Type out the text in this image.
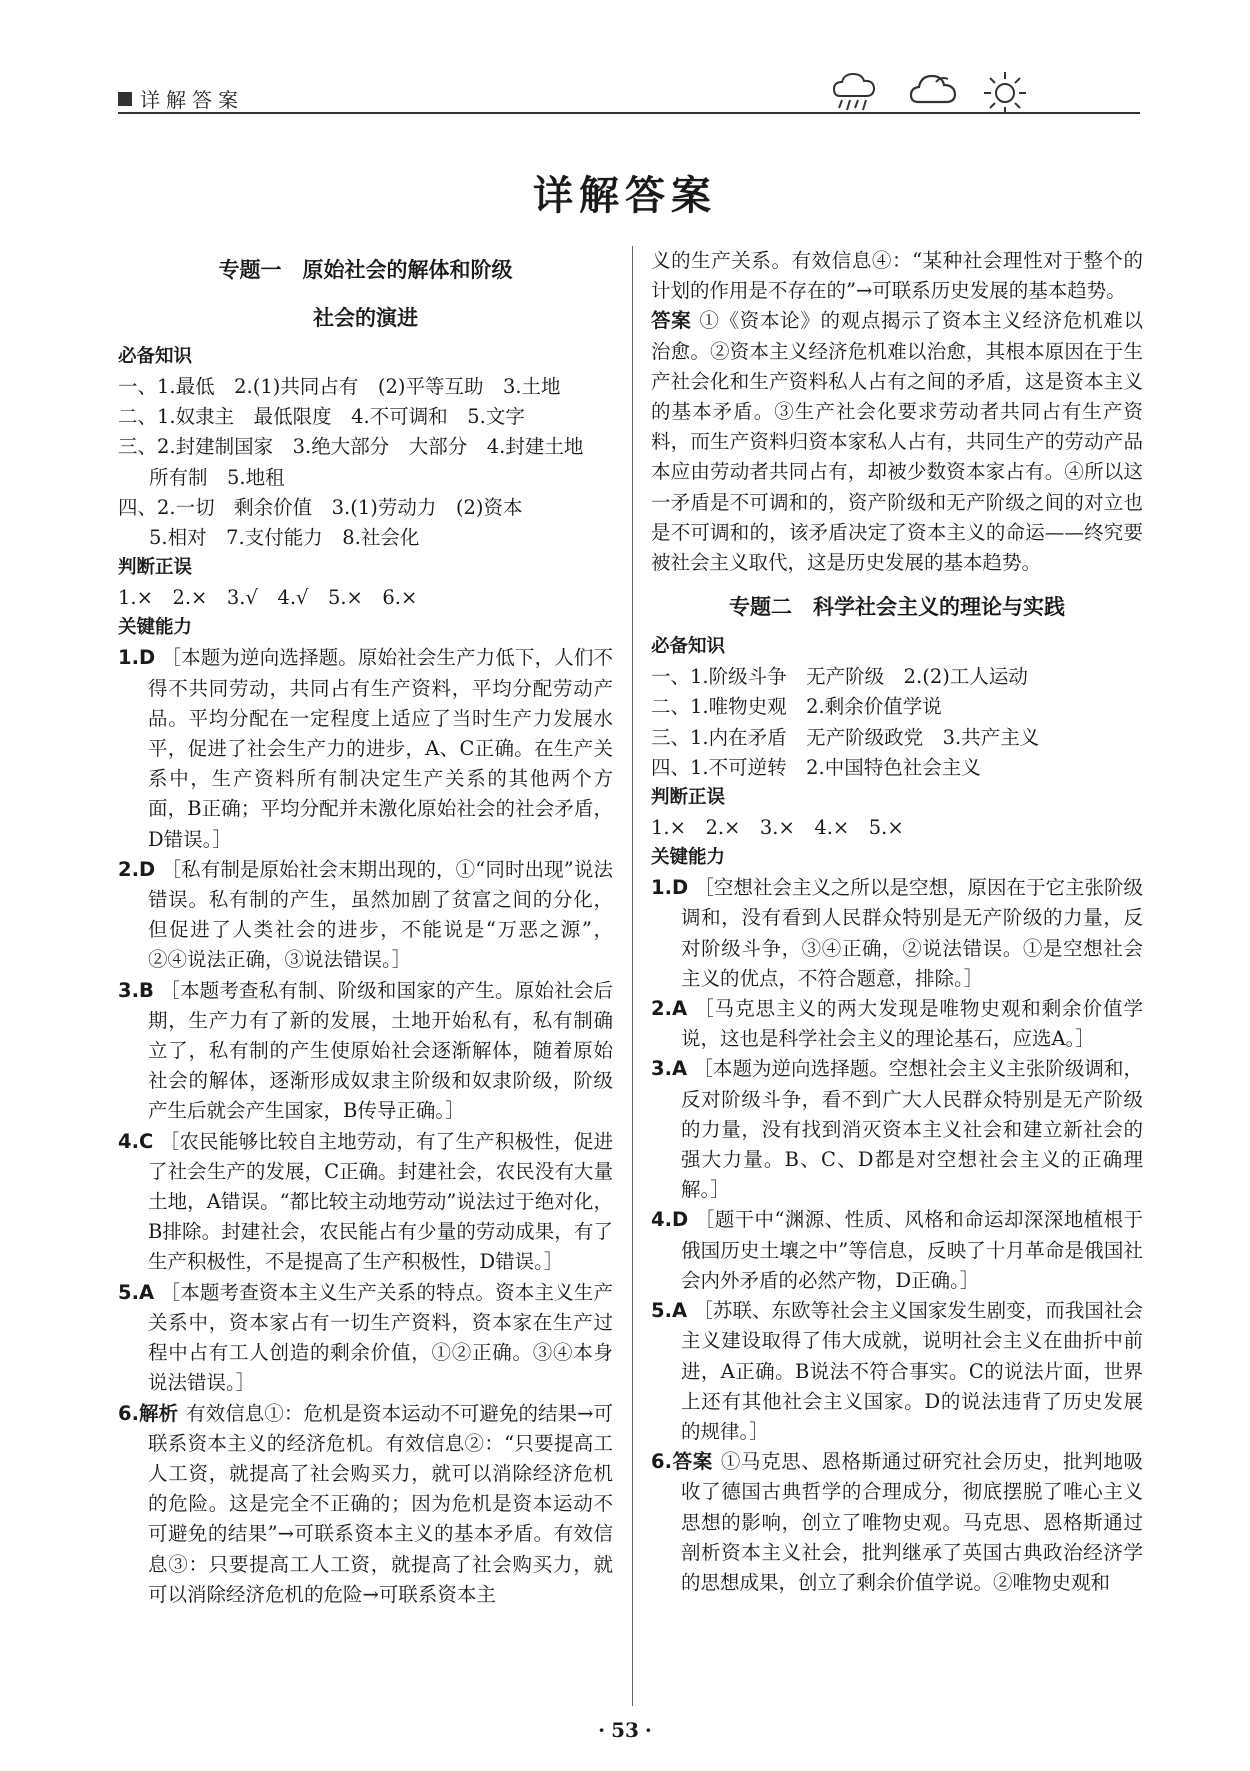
详解答案
详解答案

专题一　原始社会的解体和阶级

社会的演进

必备知识

一、1.最低　2.(1)共同占有　(2)平等互助　3.土地

二、1.奴隶主　最低限度　4.不可调和　5.文字

三、2.封建制国家　3.绝大部分　大部分　4.封建土地

所有制　5.地租

四、2.一切　剩余价值　3.(1)劳动力　(2)资本

5.相对　7.支付能力　8.社会化

判断正误

1.×　2.×　3.√　4.√　5.×　6.×

关键能力

1.D ［本题为逆向选择题。原始社会生产力低下，人们不得不共同劳动，共同占有生产资料，平均分配劳动产品。平均分配在一定程度上适应了当时生产力发展水平，促进了社会生产力的进步，A、C正确。在生产关系中，生产资料所有制决定生产关系的其他两个方面，B正确；平均分配并未激化原始社会的社会矛盾，D错误。］

2.D ［私有制是原始社会末期出现的，①“同时出现”说法错误。私有制的产生，虽然加剧了贫富之间的分化，但促进了人类社会的进步，不能说是“万恶之源”，②④说法正确，③说法错误。］

3.B ［本题考查私有制、阶级和国家的产生。原始社会后期，生产力有了新的发展，土地开始私有，私有制确立了，私有制的产生使原始社会逐渐解体，随着原始社会的解体，逐渐形成奴隶主阶级和奴隶阶级，阶级产生后就会产生国家，B传导正确。］

4.C ［农民能够比较自主地劳动，有了生产积极性，促进了社会生产的发展，C正确。封建社会，农民没有大量土地，A错误。“都比较主动地劳动”说法过于绝对化，B排除。封建社会，农民能占有少量的劳动成果，有了生产积极性，不是提高了生产积极性，D错误。］

5.A ［本题考查资本主义生产关系的特点。资本主义生产关系中，资本家占有一切生产资料，资本家在生产过程中占有工人创造的剩余价值，①②正确。③④本身说法错误。］

6.解析 有效信息①：危机是资本运动不可避免的结果→可联系资本主义的经济危机。有效信息②：“只要提高工人工资，就提高了社会购买力，就可以消除经济危机的危险。这是完全不正确的；因为危机是资本运动不可避免的结果”→可联系资本主义的基本矛盾。有效信息③：只要提高工人工资，就提高了社会购买力，就可以消除经济危机的危险→可联系资本主

义的生产关系。有效信息④：“某种社会理性对于整个的计划的作用是不存在的”→可联系历史发展的基本趋势。

答案 ①《资本论》的观点揭示了资本主义经济危机难以治愈。②资本主义经济危机难以治愈，其根本原因在于生产社会化和生产资料私人占有之间的矛盾，这是资本主义的基本矛盾。③生产社会化要求劳动者共同占有生产资料，而生产资料归资本家私人占有，共同生产的劳动产品本应由劳动者共同占有，却被少数资本家占有。④所以这一矛盾是不可调和的，资产阶级和无产阶级之间的对立也是不可调和的，该矛盾决定了资本主义的命运——终究要被社会主义取代，这是历史发展的基本趋势。

专题二　科学社会主义的理论与实践

必备知识

一、1.阶级斗争　无产阶级　2.(2)工人运动

二、1.唯物史观　2.剩余价值学说

三、1.内在矛盾　无产阶级政党　3.共产主义

四、1.不可逆转　2.中国特色社会主义

判断正误

1.×　2.×　3.×　4.×　5.×

关键能力

1.D ［空想社会主义之所以是空想，原因在于它主张阶级调和，没有看到人民群众特别是无产阶级的力量，反对阶级斗争，③④正确，②说法错误。①是空想社会主义的优点，不符合题意，排除。］

2.A ［马克思主义的两大发现是唯物史观和剩余价值学说，这也是科学社会主义的理论基石，应选A。］

3.A ［本题为逆向选择题。空想社会主义主张阶级调和，反对阶级斗争，看不到广大人民群众特别是无产阶级的力量，没有找到消灭资本主义社会和建立新社会的强大力量。B、C、D都是对空想社会主义的正确理解。］

4.D ［题干中“渊源、性质、风格和命运却深深地植根于俄国历史土壤之中”等信息，反映了十月革命是俄国社会内外矛盾的必然产物，D正确。］

5.A ［苏联、东欧等社会主义国家发生剧变，而我国社会主义建设取得了伟大成就，说明社会主义在曲折中前进，A正确。B说法不符合事实。C的说法片面，世界上还有其他社会主义国家。D的说法违背了历史发展的规律。］

6.答案 ①马克思、恩格斯通过研究社会历史，批判地吸收了德国古典哲学的合理成分，彻底摆脱了唯心主义思想的影响，创立了唯物史观。马克思、恩格斯通过剖析资本主义社会，批判继承了英国古典政治经济学的思想成果，创立了剩余价值学说。②唯物史观和

· 53 ·
